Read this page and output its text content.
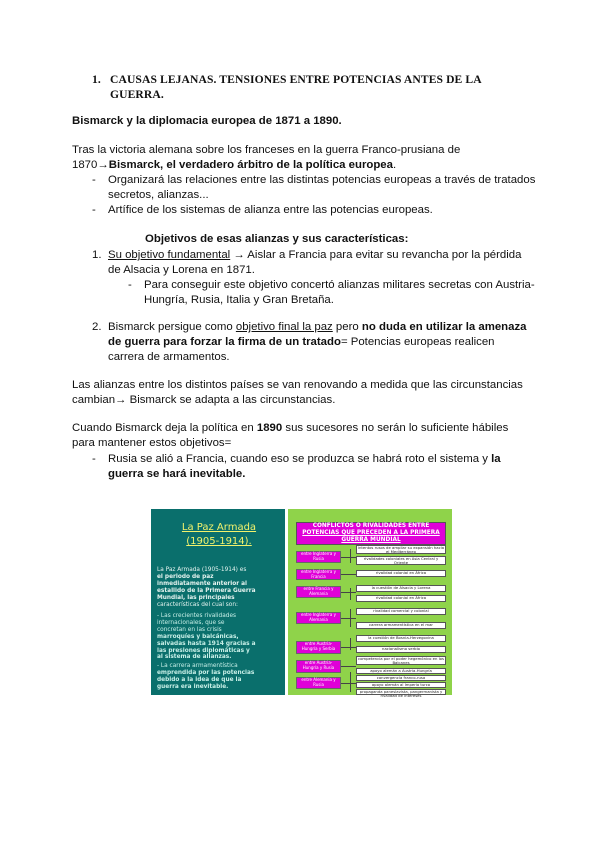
1. CAUSAS LEJANAS. TENSIONES ENTRE POTENCIAS ANTES DE LA
GUERRA.
Bismarck y la diplomacia europea de 1871 a 1890.
Tras la victoria alemana sobre los franceses en la guerra Franco-prusiana de
1870→Bismarck, el verdadero árbitro de la política europea.
- Organizará las relaciones entre las distintas potencias europeas a través de tratados
secretos, alianzas...
- Artífice de los sistemas de alianza entre las potencias europeas.
Objetivos de esas alianzas y sus características:
1. Su objetivo fundamental → Aislar a Francia para evitar su revancha por la pérdida
de Alsacia y Lorena en 1871.
- Para conseguir este objetivo concertó alianzas militares secretas con Austria-
Hungría, Rusia, Italia y Gran Bretaña.
2. Bismarck persigue como objetivo final la paz pero no duda en utilizar la amenaza
de guerra para forzar la firma de un tratado= Potencias europeas realicen
carrera de armamentos.
Las alianzas entre los distintos países se van renovando a medida que las circunstancias
cambian→ Bismarck se adapta a las circunstancias.
Cuando Bismarck deja la política en 1890 sus sucesores no serán lo suficiente hábiles
para mantener estos objetivos=
- Rusia se alió a Francia, cuando eso se produzca se habrá roto el sistema y la
guerra se hará inevitable.
La Paz Armada
(1905-1914).
La Paz Armada (1905-1914) es
el periodo de paz
inmediatamente anterior al
estallido de la Primera Guerra
Mundial, las principales
características del cual son:
- Las crecientes rivalidades
internacionales, que se
concretan en las crisis
marroquíes y balcánicas,
salvadas hasta 1914 gracias a
las presiones diplomáticas y
al sistema de alianzas.
- La carrera armamentística
emprendida por las potencias
debido a la idea de que la
guerra era inevitable.
CONFLICTOS O RIVALIDADES ENTRE
POTENCIAS QUE PRECEDEN A LA PRIMERA
GUERRA MUNDIAL
entre Inglaterra y Rusia
entre Inglaterra y Francia
entre Francia y Alemania
entre Inglaterra y Alemania
entre Austria-Hungría y Serbia
entre Austria-Hungría y Rusia
entre Alemania y Rusia
intentos rusos de ampliar su expansión hacia el Mediterráneo
rivalidades coloniales en Asia Central y Oriente
rivalidad colonial en África
la cuestión de Alsacia y Lorena
rivalidad colonial en África
rivalidad comercial y colonial
carrera armamentística en el mar
la cuestión de Bosnia-Herzegovina
nacionalismo serbio
competencia por el poder hegemónico en los Balcanes
apoyo alemán a Austria-Hungría
convergencia franco-rusa
apoyo alemán al Imperio turco
propaganda paneslavista, pangermanista y rivalidad de intereses
